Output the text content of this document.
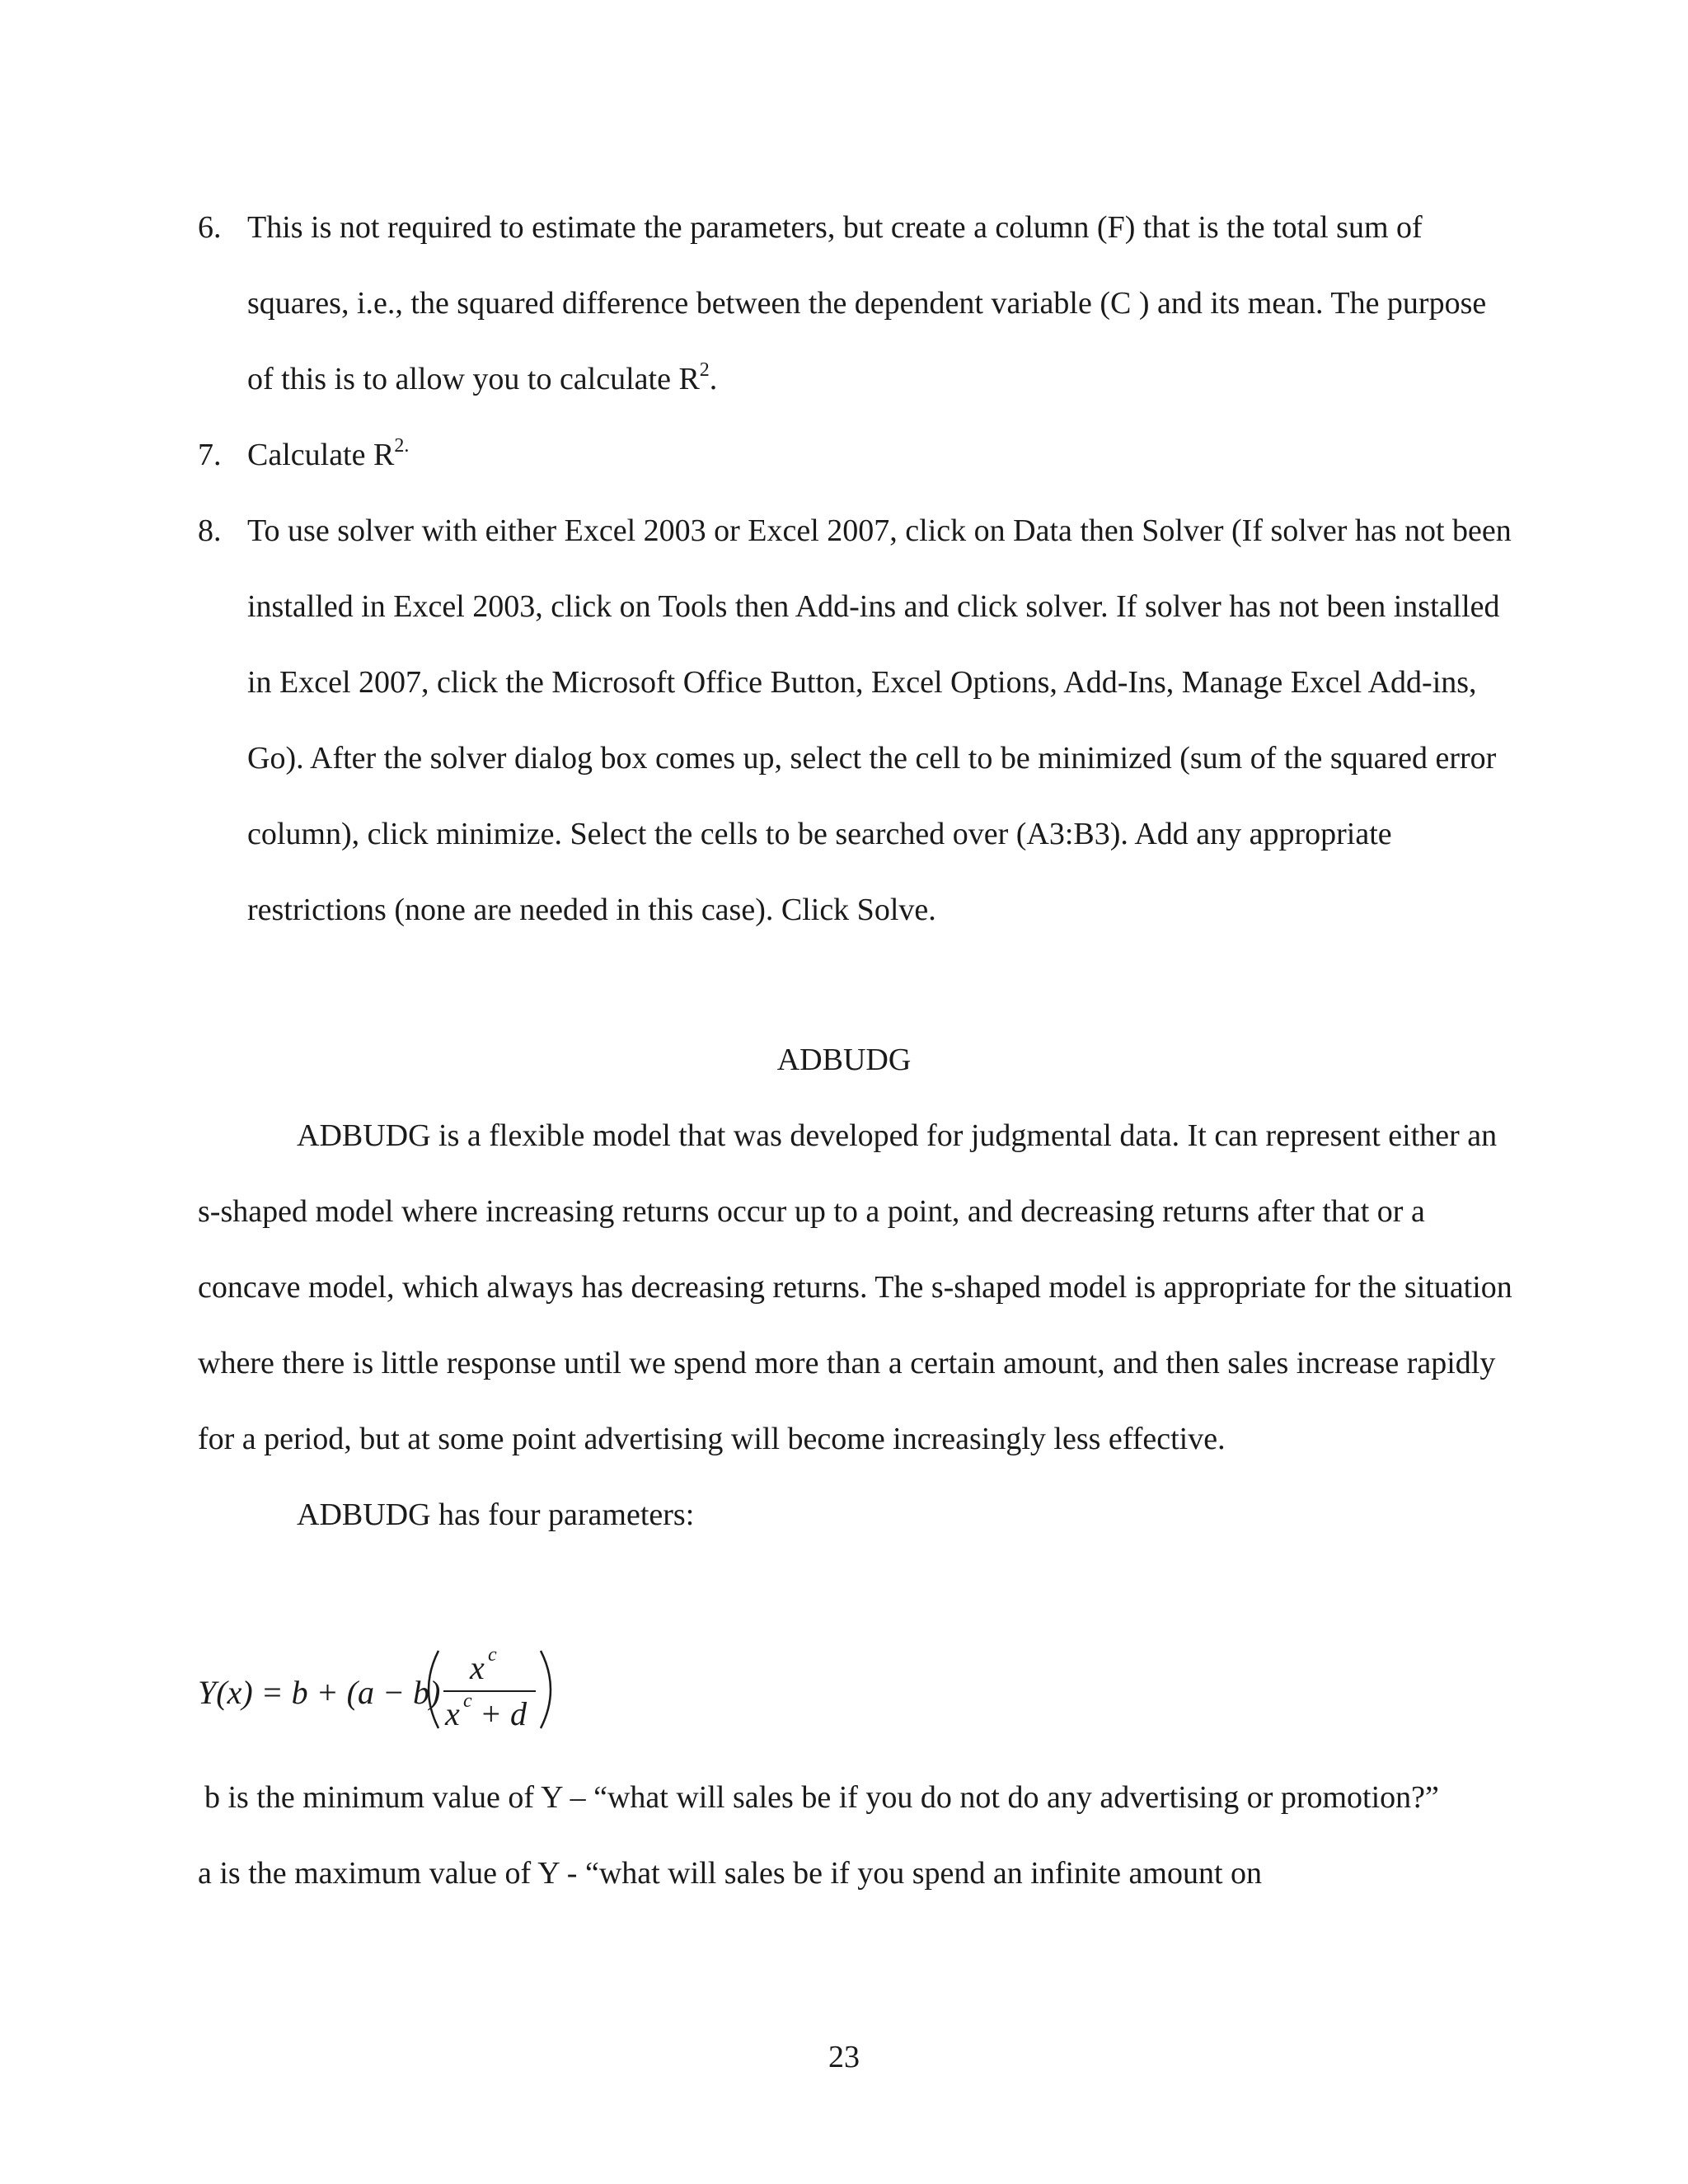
6. This is not required to estimate the parameters, but create a column (F) that is the total sum of squares, i.e., the squared difference between the dependent variable (C ) and its mean. The purpose of this is to allow you to calculate $R^2$.
7. Calculate $R^{2.}$
8. To use solver with either Excel 2003 or Excel 2007, click on Data then Solver (If solver has not been installed in Excel 2003, click on Tools then Add-ins and click solver. If solver has not been installed in Excel 2007, click the Microsoft Office Button, Excel Options, Add-Ins, Manage Excel Add-ins, Go). After the solver dialog box comes up, select the cell to be minimized (sum of the squared error column), click minimize. Select the cells to be searched over (A3:B3). Add any appropriate restrictions (none are needed in this case). Click Solve.
ADBUDG

ADBUDG is a flexible model that was developed for judgmental data. It can represent either an s-shaped model where increasing returns occur up to a point, and decreasing returns after that or a concave model, which always has decreasing returns. The s-shaped model is appropriate for the situation where there is little response until we spend more than a certain amount, and then sales increase rapidly for a period, but at some point advertising will become increasingly less effective.

ADBUDG has four parameters:

Y(x) = b + (a − b)
x c
x c + d

b is the minimum value of Y – “what will sales be if you do not do any advertising or promotion?”

a is the maximum value of Y - “what will sales be if you spend an infinite amount on

23
